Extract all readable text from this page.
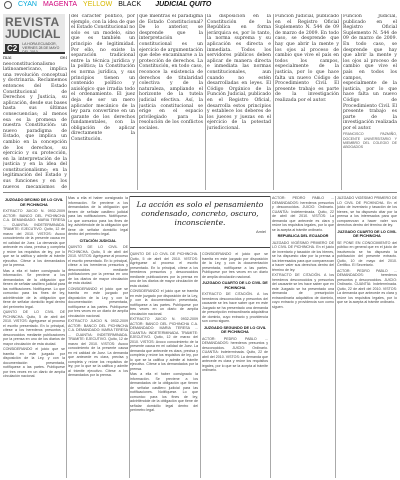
CYAN MAGENTA YELLOW BLACK JUDICIAL QUITO
REVISTA
JUDICIAL
C2	LA HORA ECUADOR, VIERNES 28 DE MAYO DEL 2010

mal del neoconstitucionalismo latinoamericano, implica una revolución conceptual y doctrinaria. Reclamemos entonces del Estado Constitucional de Derechos y Justicia, su aplicación, desde sus bases hasta sus últimas consecuencias; al menos esa es la promesa de nuestra Constitución: un nuevo paradigma de Estado, que implica un cambio en la concepción de los derechos, su ejercicio y su protección, en la interpretación de la justicia y en la idea del constitucionalismo; en la legitimación del Estado y sus funciones y en los nuevos mecanismos de

del carácter político, por ejemplo, con la idea de que el Estado Constitucional no solo es un modelo, sino que es también un principio de legitimidad. Por ello, no existe la separación tradicional entre la técnica jurídica y la política; la Constitución es norma jurídica, y sus principios tienen un contenido político y axiológico que irradia todo el ordenamiento. El juez deja de ser un mero aplicador mecánico de la ley para convertirse en un garante de los derechos fundamentales, con la obligación de aplicar directamente la Constitución.

que mientras el paradigma de Estado Constitucional? De lo anterior, se desprende que la interpretación constitucional es un ejercicio de argumentación que debe encaminarse a la protección de derechos. La Constitución, en todo caso, reconoce la existencia de derechos de titularidad colectiva y de la naturaleza, ampliando el horizonte de la tutela judicial efectiva. Así, la justicia constitucional se erige en el espacio privilegiado para la resolución de los conflictos sociales.

la disposición en la Constitución de la República en forma jerárquica es, por lo tanto, la norma suprema y su aplicación es directa e inmediata. Todos los servidores públicos deben aplicar de manera directa e inmediata las normas constitucionales, aun cuando no estén desarrolladas en leyes. El Código Orgánico de la Función Judicial, publicado en el Registro Oficial, desarrolla estos principios y establece los deberes de los jueces y juezas en el ejercicio de la potestad jurisdiccional.

Función Judicial, publicado en el Registro Oficial Suplemento N. 544 de 09 de marzo de 2009. En todo caso, se desprende que hay que abrir la mente y los ojos al proceso de cambio que vive el país en todos los campos, especialmente de la justicia, por lo que hace falta un nuevo Código de Procedimiento Civil. El presente trabajo es parte de la investigación realizada por el autor.

Función Judicial, publicado en el Registro Oficial Suplemento N. 544 de 09 de marzo de 2009. En todo caso, se desprende que hay que abrir la mente y los ojos al proceso de cambio que vive el país en todos los campos, especialmente de la justicia, por lo que hace falta un nuevo Código de Procedimiento Civil. El presente trabajo es parte de la investigación realizada por el autor.

FRANCISCO PAZMIÑO, DOCENTE UNIVERSITARIO Y MIEMBRO DEL COLEGIO DE ABOGADOS
La acción es solo el pensamiento condensado, concreto, oscuro, inconsciente.
Amiel
JUZGADO DECIMO DE LO CIVIL DE PICHINCHA

EXTRACTO JUICIO N. 0932-2009 ACTOR: BANCO DEL PICHINCHA C.A. DEMANDADO: MARIA TERESA ... CUANTIA: INDETERMINADA. TRAMITE: EJECUTIVO. Quito, 12 de marzo del 2010. VISTOS: Avoco conocimiento de la presente causa en mi calidad de Juez. La demanda que antecede es clara, precisa y completa y reúne los requisitos de ley, por lo que se la califica y admite al trámite ejecutivo. Cítese a los demandados por la prensa.

Mas a ella el haber consignado la información. Se previene a los demandados de la obligación que tienen de señalar casillero judicial para las notificaciones. Notifíquese. Lo que comunico para los fines de ley, advirtiéndole de la obligación que tiene de señalar domicilio legal dentro del perímetro legal.

QUINTO DE LO CIVIL DE PICHINCHA. Quito, 5 de abril del 2010. VISTOS: Agréguese al proceso el escrito presentado. En lo principal, cítese a los herederos presuntos y desconocidos mediante publicaciones por la prensa en uno de los diarios de mayor circulación de esta ciudad.

CONSIDERANDO el juicio que se tramita en este juzgado por disposición de la Ley, y con la documentación presentada, notifíquese a las partes. Publíquese por tres veces en un diario de amplia circulación nacional.

Mas a ella el haber consignado la información. Se previene a los demandados de la obligación que tienen de señalar casillero judicial para las notificaciones. Notifíquese. Lo que comunico para los fines de ley, advirtiéndole de la obligación que tiene de señalar domicilio legal dentro del perímetro legal.

CITACIÓN JUDICIAL

QUINTO DE LO CIVIL DE PICHINCHA. Quito, 5 de abril del 2010. VISTOS: Agréguese al proceso el escrito presentado. En lo principal, cítese a los herederos presuntos y desconocidos mediante publicaciones por la prensa en uno de los diarios de mayor circulación de esta ciudad.

CONSIDERANDO el juicio que se tramita en este juzgado por disposición de la Ley, y con la documentación presentada, notifíquese a las partes. Publíquese por tres veces en un diario de amplia circulación nacional.

EXTRACTO JUICIO N. 0932-2009 ACTOR: BANCO DEL PICHINCHA C.A. DEMANDADO: MARIA TERESA ... CUANTIA: INDETERMINADA. TRAMITE: EJECUTIVO. Quito, 12 de marzo del 2010. VISTOS: Avoco conocimiento de la presente causa en mi calidad de Juez. La demanda que antecede es clara, precisa y completa y reúne los requisitos de ley, por lo que se la califica y admite al trámite ejecutivo. Cítese a los demandados por la prensa.

QUINTO DE LO CIVIL DE PICHINCHA. Quito, 5 de abril del 2010. VISTOS: Agréguese al proceso el escrito presentado. En lo principal, cítese a los herederos presuntos y desconocidos mediante publicaciones por la prensa en uno de los diarios de mayor circulación de esta ciudad.

CONSIDERANDO el juicio que se tramita en este juzgado por disposición de la Ley, y con la documentación presentada, notifíquese a las partes. Publíquese por tres veces en un diario de amplia circulación nacional.

EXTRACTO JUICIO N. 0932-2009 ACTOR: BANCO DEL PICHINCHA C.A. DEMANDADO: MARIA TERESA ... CUANTIA: INDETERMINADA. TRAMITE: EJECUTIVO. Quito, 12 de marzo del 2010. VISTOS: Avoco conocimiento de la presente causa en mi calidad de Juez. La demanda que antecede es clara, precisa y completa y reúne los requisitos de ley, por lo que se la califica y admite al trámite ejecutivo. Cítese a los demandados por la prensa.

Mas a ella el haber consignado la información. Se previene a los demandados de la obligación que tienen de señalar casillero judicial para las notificaciones. Notifíquese. Lo que comunico para los fines de ley, advirtiéndole de la obligación que tiene de señalar domicilio legal dentro del perímetro legal.

CONSIDERANDO el juicio que se tramita en este juzgado por disposición de la Ley, y con la documentación presentada, notifíquese a las partes. Publíquese por tres veces en un diario de amplia circulación nacional.

JUZGADO CUARTO DE LO CIVIL DE PICHINCHA

EXTRACTO DE CITACIÓN. A los herederos desconocidos y presuntos del causante se les hace saber que en este Juzgado se ha presentado una demanda de prescripción extraordinaria adquisitiva de dominio, cuyo extracto y providencia son como siguen.

JUZGADO SEGUNDO DE LO CIVIL DE PICHINCHA

ACTOR: PEDRO PABLO ... DEMANDADOS: herederos presuntos y desconocidos. JUICIO: Ordinario. CUANTÍA: Indeterminada. Quito, 22 de abril del 2010. VISTOS: La demanda que antecede es clara y reúne los requisitos legales, por lo que se la acepta al trámite ordinario.

ACTOR: PEDRO PABLO ... DEMANDADOS: herederos presuntos y desconocidos. JUICIO: Ordinario. CUANTÍA: Indeterminada. Quito, 22 de abril del 2010. VISTOS: La demanda que antecede es clara y reúne los requisitos legales, por lo que se la acepta al trámite ordinario.

REPUBLICA DEL ECUADOR

JUZGADO VIGÉSIMO PRIMERO DE LO CIVIL DE PICHINCHA. En el juicio de inventario y tasación de los bienes, se ha dispuesto citar por la prensa a los interesados para que comparezcan a hacer valer sus derechos dentro del término de ley.

EXTRACTO DE CITACIÓN. A los herederos desconocidos y presuntos del causante se les hace saber que en este Juzgado se ha presentado una demanda de prescripción extraordinaria adquisitiva de dominio, cuyo extracto y providencia son como siguen.

JUZGADO VIGÉSIMO PRIMERO DE LO CIVIL DE PICHINCHA. En el juicio de inventario y tasación de los bienes, se ha dispuesto citar por la prensa a los interesados para que comparezcan a hacer valer sus derechos dentro del término de ley.

JUZGADO CUARTO DE LO CIVIL DE PICHINCHA

SE PONE EN CONOCIMIENTO del público en general que en el juicio de insolvencia se ha dispuesto la publicación del presente extracto. Quito, 10 de mayo del 2010. Certifico. El Secretario.

ACTOR: PEDRO PABLO ... DEMANDADOS: herederos presuntos y desconocidos. JUICIO: Ordinario. CUANTÍA: Indeterminada. Quito, 22 de abril del 2010. VISTOS: La demanda que antecede es clara y reúne los requisitos legales, por lo que se la acepta al trámite ordinario.
